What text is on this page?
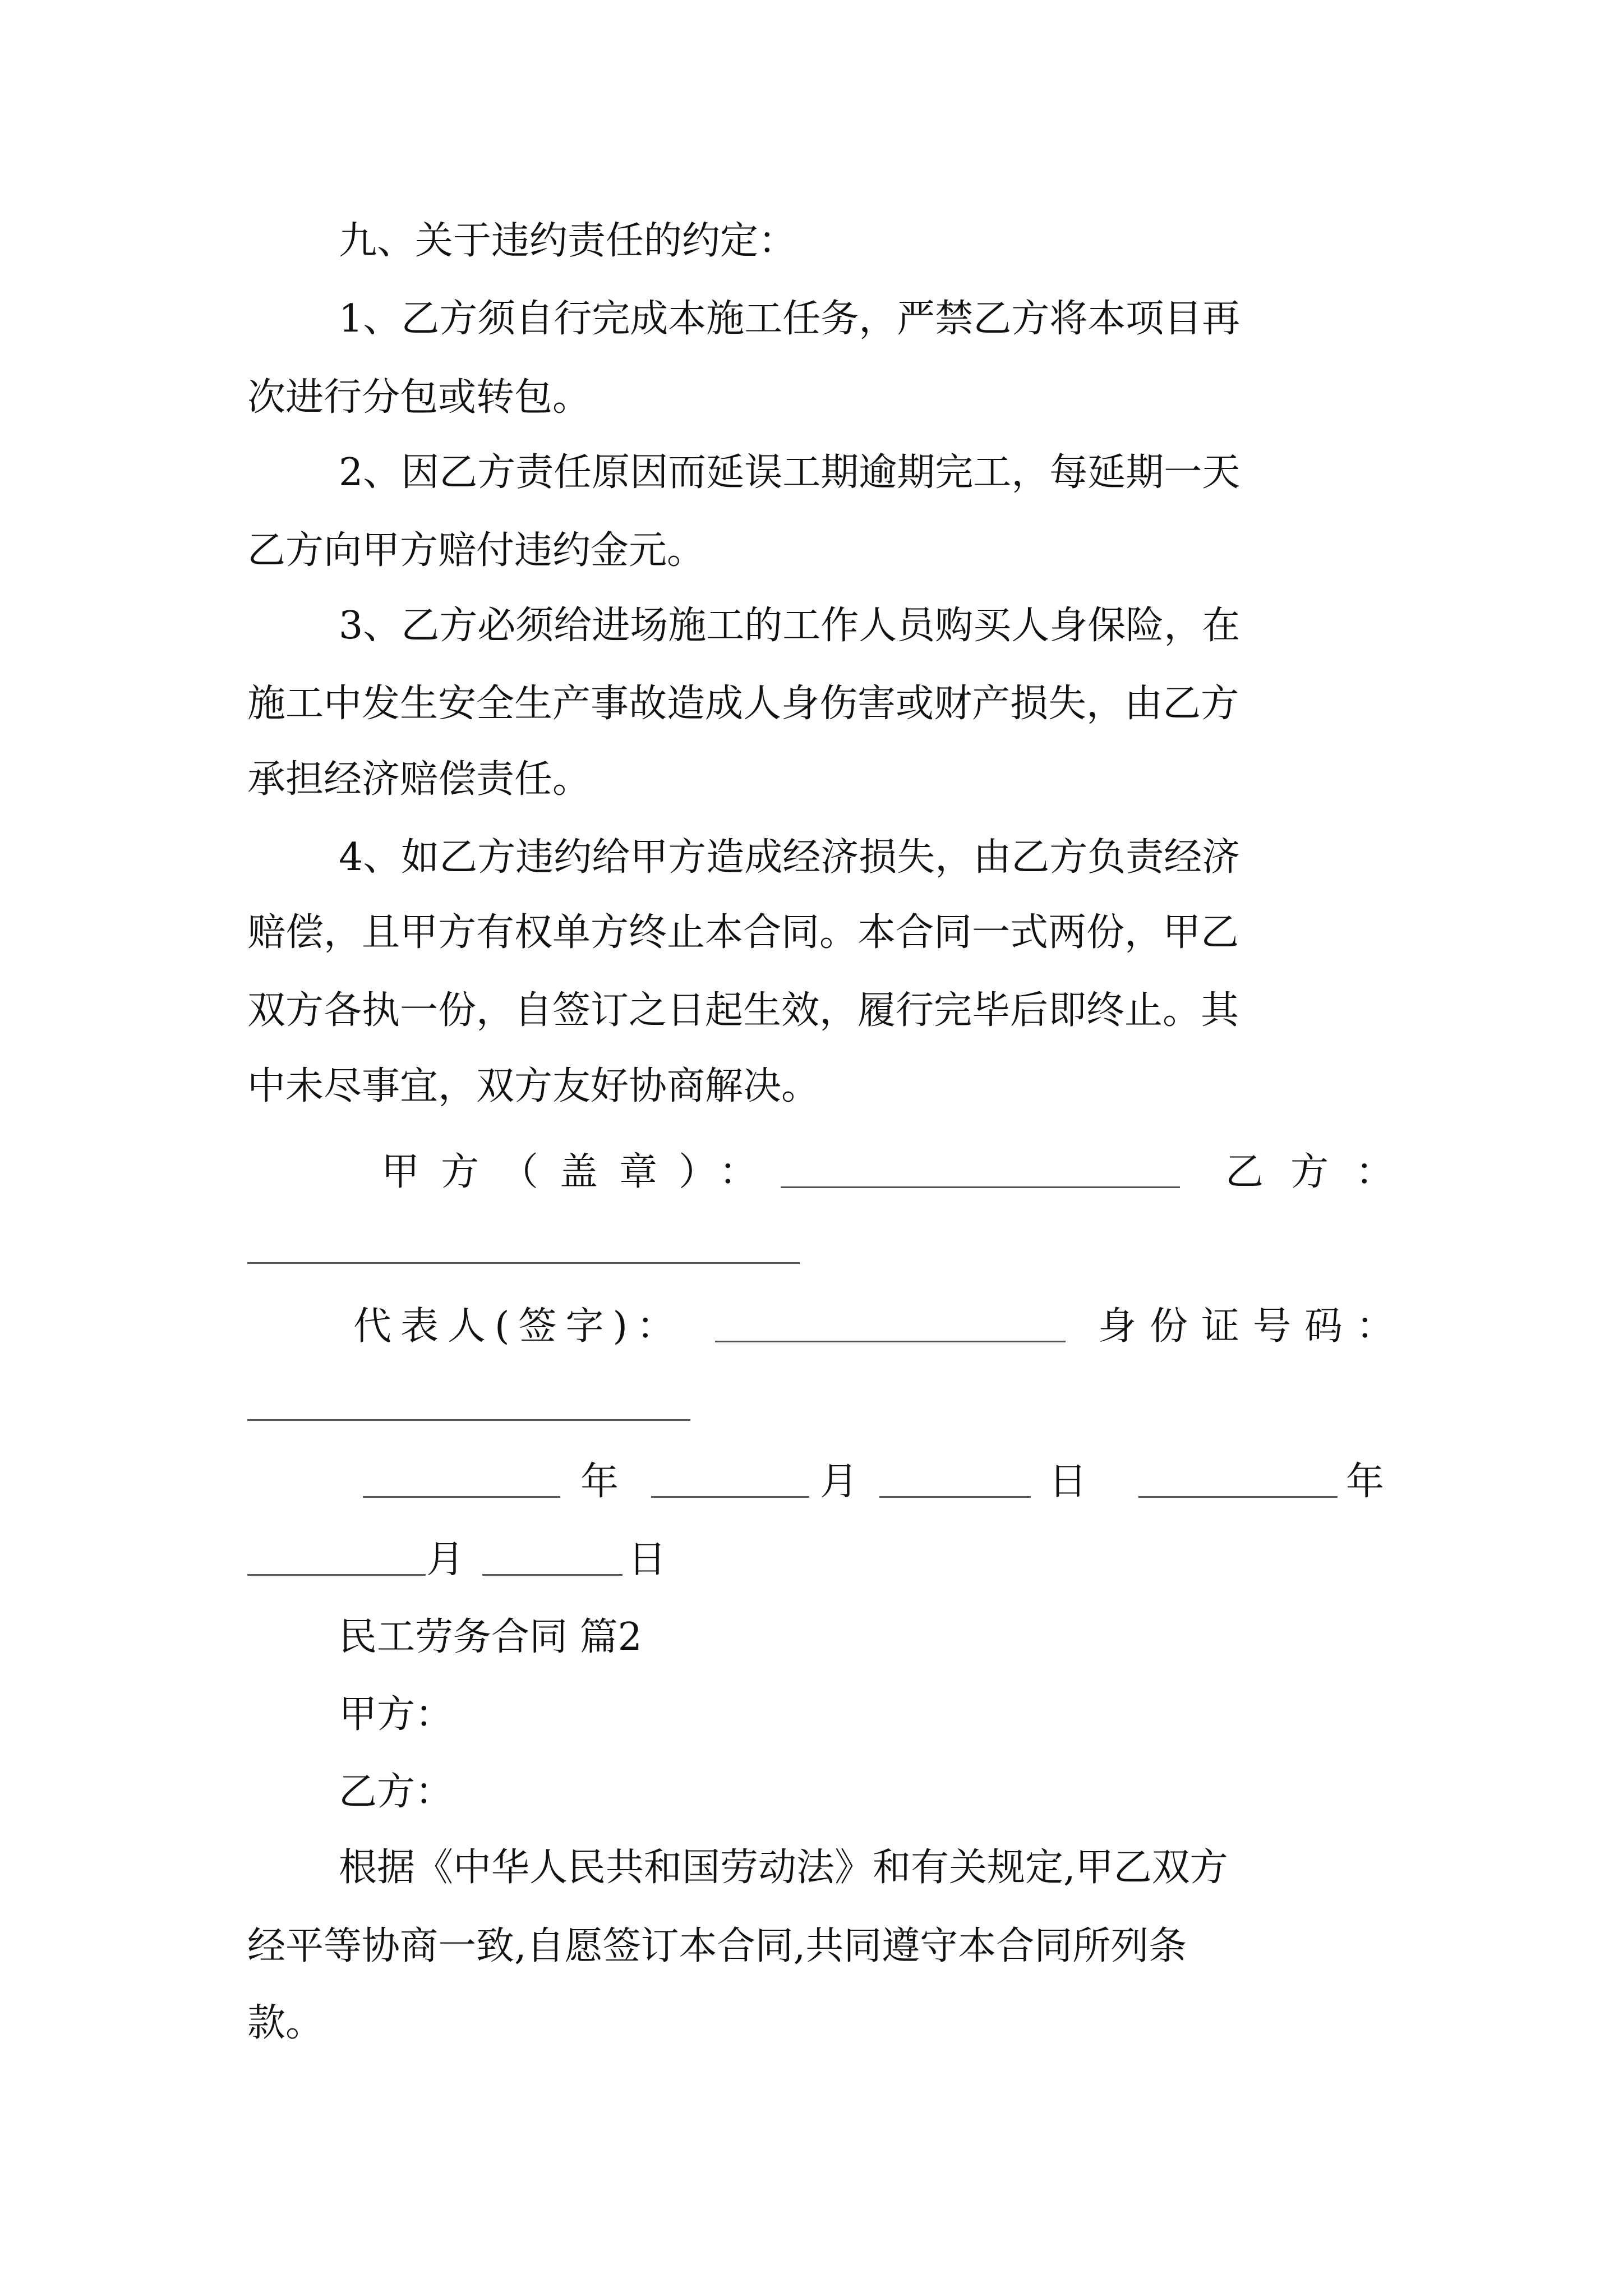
九、关于违约责任的约定：
1、乙方须自行完成本施工任务，严禁乙方将本项目再
次进行分包或转包。
2、因乙方责任原因而延误工期逾期完工，每延期一天
乙方向甲方赔付违约金元。
3、乙方必须给进场施工的工作人员购买人身保险，在
施工中发生安全生产事故造成人身伤害或财产损失，由乙方
承担经济赔偿责任。
4、如乙方违约给甲方造成经济损失，由乙方负责经济
赔偿，且甲方有权单方终止本合同。本合同一式两份，甲乙
双方各执一份，自签订之日起生效，履行完毕后即终止。其
中未尽事宜，双方友好协商解决。
甲方（盖章）：	乙方：
代表人(签字)：	身份证号码：
年	月	日	年
月	日
民工劳务合同 篇2
甲方：
乙方：
根据《中华人民共和国劳动法》和有关规定,甲乙双方
经平等协商一致,自愿签订本合同,共同遵守本合同所列条
款。
